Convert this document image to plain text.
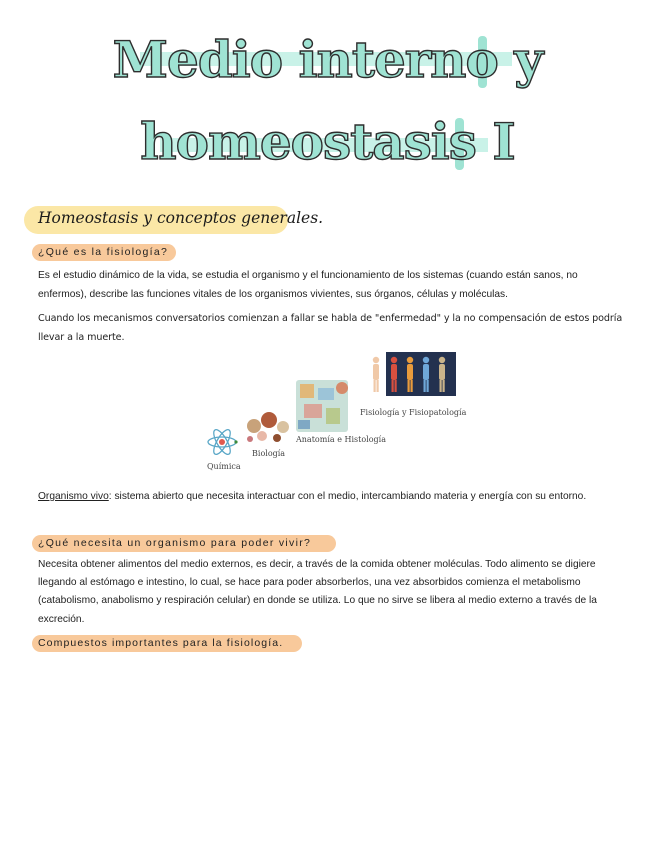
Medio interno y
homeostasis I
Homeostasis y conceptos generales.
¿Qué es la fisiología?
Es el estudio dinámico de la vida, se estudia el organismo y el funcionamiento de los sistemas (cuando están sanos, no enfermos), describe las funciones vitales de los organismos vivientes, sus órganos, células y moléculas.
Cuando los mecanismos conversatorios comienzan a fallar se habla de "enfermedad" y la no compensación de estos podría llevar a la muerte.
Química
Biología
Anatomía e Histología
Fisiología y Fisiopatología
Organismo vivo: sistema abierto que necesita interactuar con el medio, intercambiando materia y energía con su entorno.
¿Qué necesita un organismo para poder vivir?
Necesita obtener alimentos del medio externos, es decir, a través de la comida obtener moléculas. Todo alimento se digiere llegando al estómago e intestino, lo cual, se hace para poder absorberlos, una vez absorbidos comienza el metabolismo (catabolismo, anabolismo y respiración celular) en donde se utiliza. Lo que no sirve se libera al medio externo a través de la excreción.
Compuestos importantes para la fisiología.
